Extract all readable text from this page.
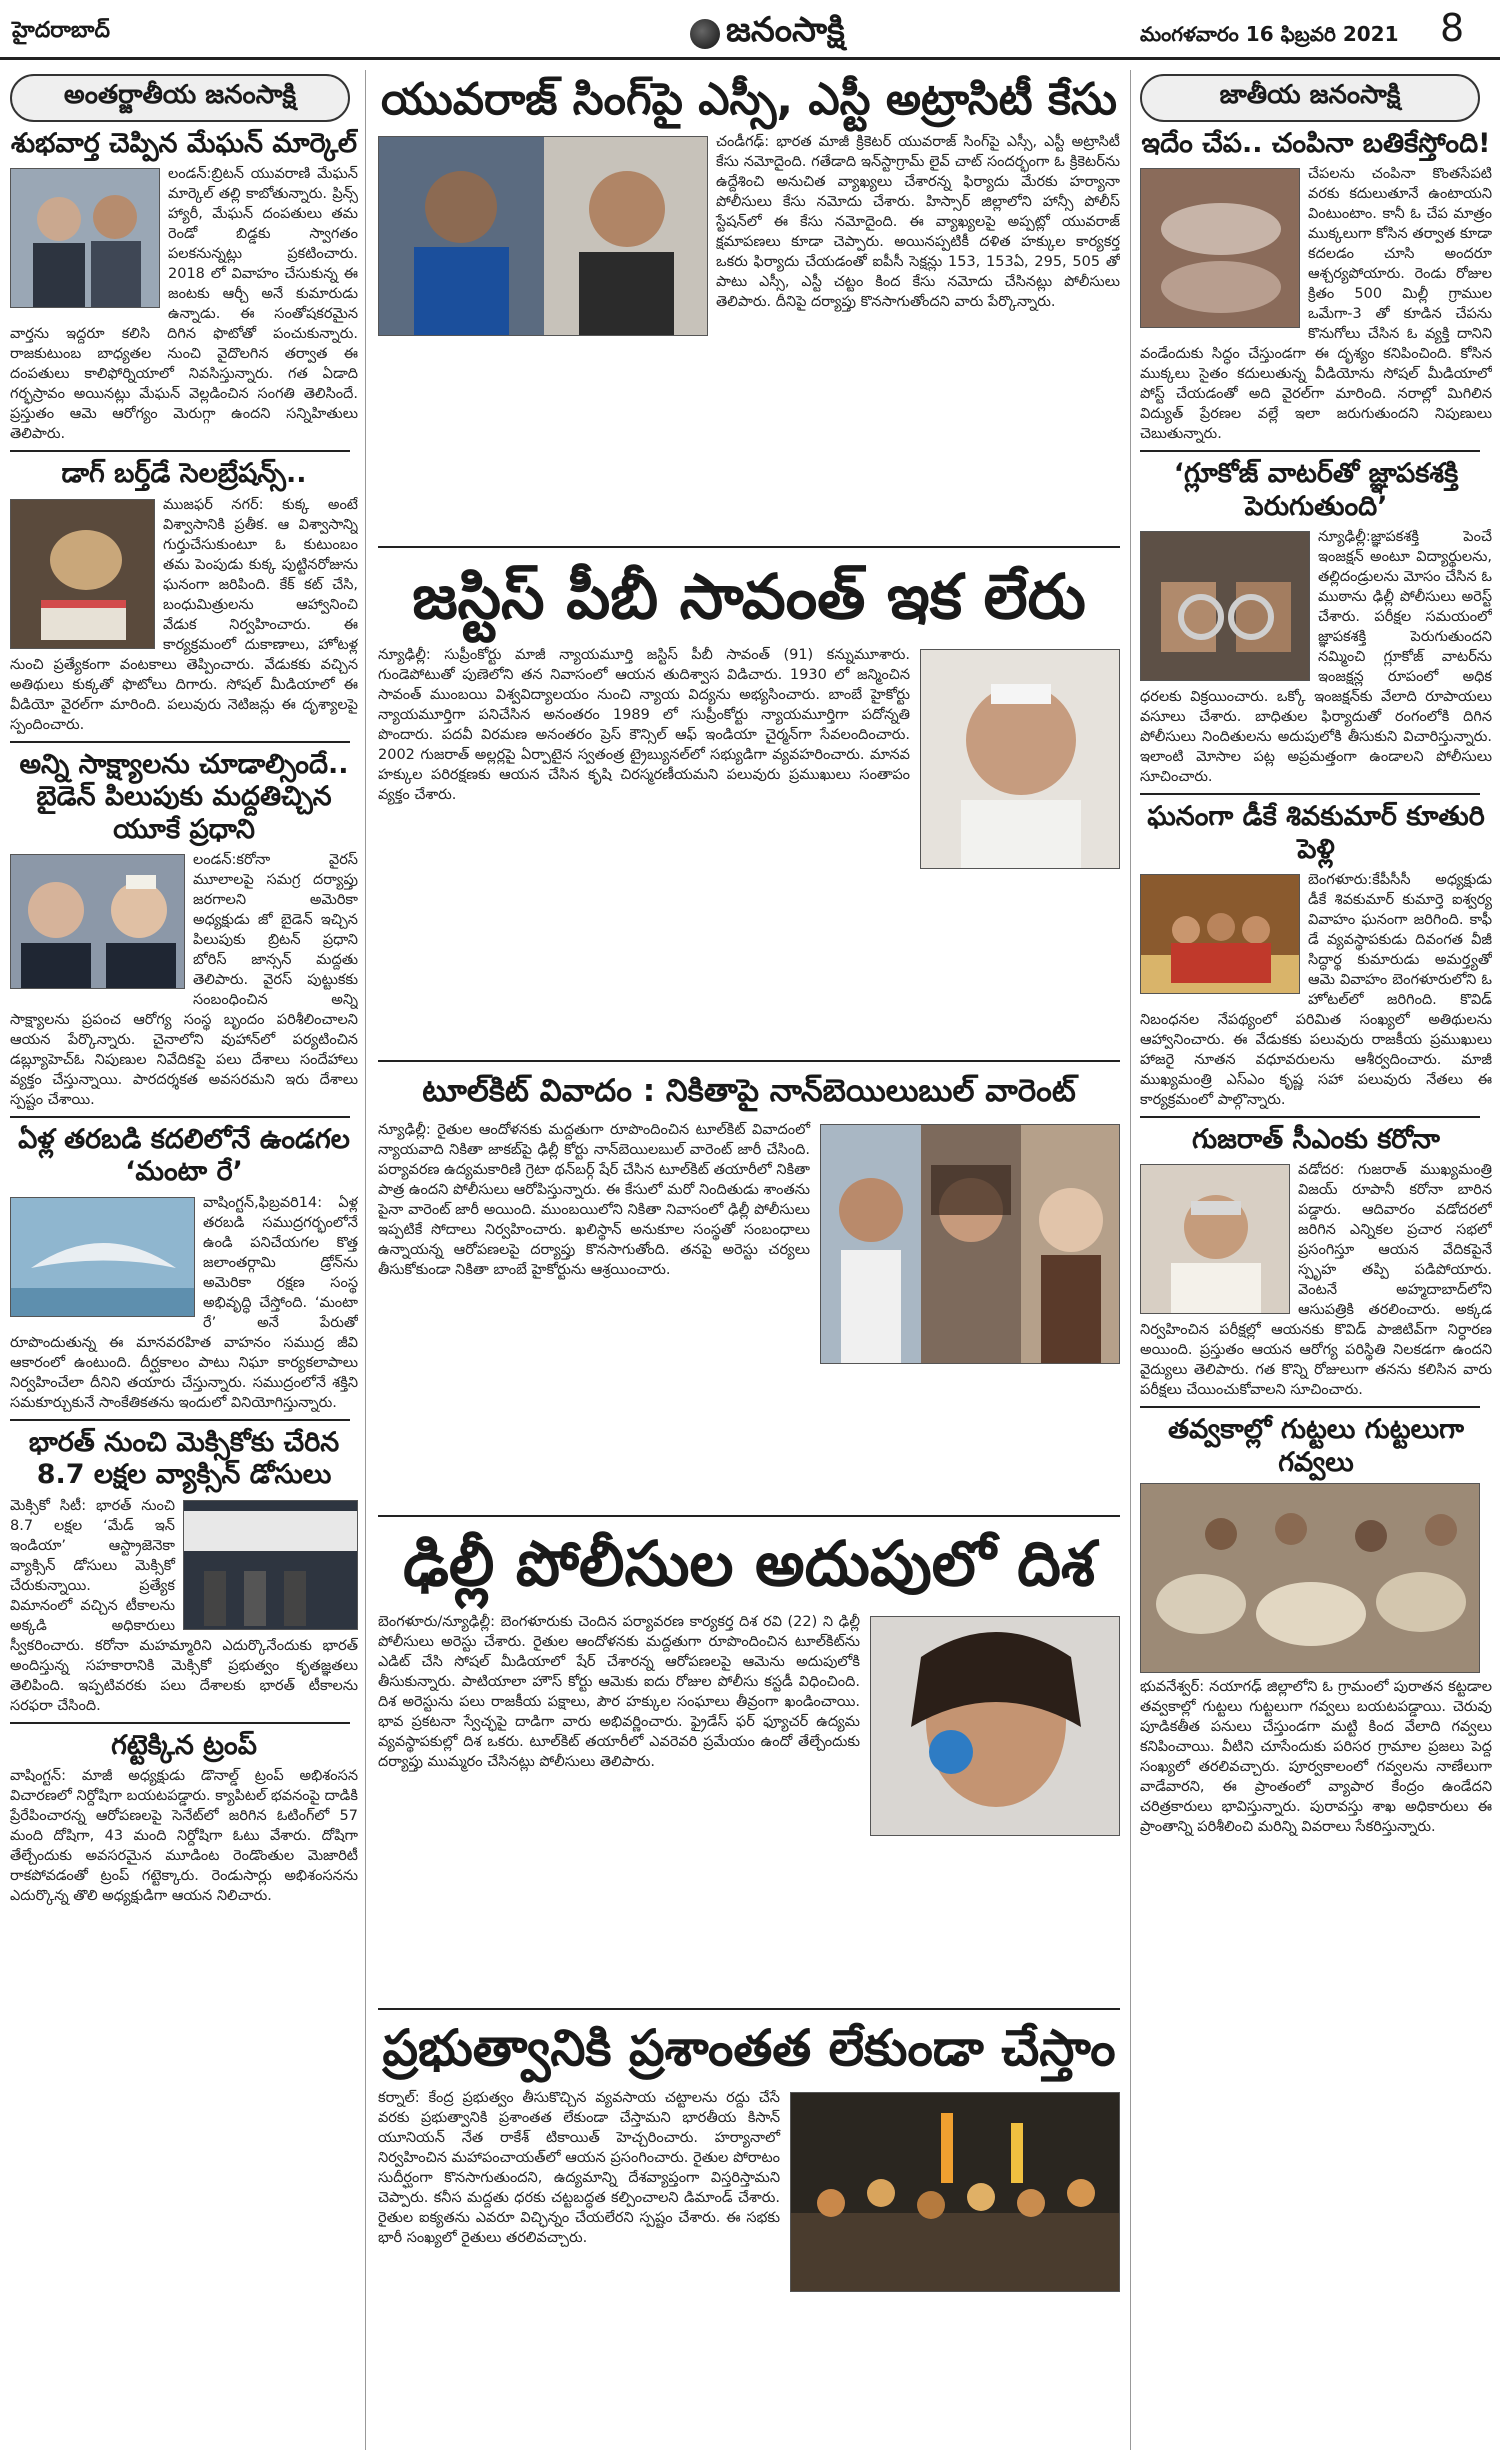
హైదరాబాద్	జనంసాక్షి	మంగళవారం 16 ఫిబ్రవరి 2021 8
అంతర్జాతీయ జనంసాక్షి
శుభవార్త చెప్పిన మేఘన్ మార్కెల్
లండన్‌:బ్రిటన్‌ యువరాణి మేఘన్‌ మార్కెల్‌ తల్లి కాబోతున్నారు. ప్రిన్స్‌ హ్యారీ, మేఘన్‌ దంపతులు తమ రెండో బిడ్డకు స్వాగతం పలకనున్నట్లు ప్రకటించారు. 2018 లో వివాహం చేసుకున్న ఈ జంటకు ఆర్చీ అనే కుమారుడు ఉన్నాడు. ఈ సంతోషకరమైన వార్తను ఇద్దరూ కలిసి దిగిన ఫొటోతో పంచుకున్నారు. రాజకుటుంబ బాధ్యతల నుంచి వైదొలగిన తర్వాత ఈ దంపతులు కాలిఫోర్నియాలో నివసిస్తున్నారు. గత ఏడాది గర్భస్రావం అయినట్లు మేఘన్‌ వెల్లడించిన సంగతి తెలిసిందే. ప్రస్తుతం ఆమె ఆరోగ్యం మెరుగ్గా ఉందని సన్నిహితులు తెలిపారు.
డాగ్‌ బర్త్‌డే సెలబ్రేషన్స్‌..
ముజఫర్‌ నగర్‌: కుక్క అంటే విశ్వాసానికి ప్రతీక. ఆ విశ్వాసాన్ని గుర్తుచేసుకుంటూ ఓ కుటుంబం తమ పెంపుడు కుక్క పుట్టినరోజును ఘనంగా జరిపింది. కేక్‌ కట్‌ చేసి, బంధుమిత్రులను ఆహ్వానించి వేడుక నిర్వహించారు. ఈ కార్యక్రమంలో దుకాణాలు, హోటళ్ల నుంచి ప్రత్యేకంగా వంటకాలు తెప్పించారు. వేడుకకు వచ్చిన అతిథులు కుక్కతో ఫొటోలు దిగారు. సోషల్‌ మీడియాలో ఈ వీడియో వైరల్‌గా మారింది. పలువురు నెటిజన్లు ఈ దృశ్యాలపై స్పందించారు.
అన్ని సాక్ష్యాలను చూడాల్సిందే.. బైడెన్‌ పిలుపుకు మద్దతిచ్చిన యూకే ప్రధాని
లండన్‌:కరోనా వైరస్‌ మూలాలపై సమగ్ర దర్యాప్తు జరగాలని అమెరికా అధ్యక్షుడు జో బైడెన్‌ ఇచ్చిన పిలుపుకు బ్రిటన్‌ ప్రధాని బోరిస్‌ జాన్సన్‌ మద్దతు తెలిపారు. వైరస్‌ పుట్టుకకు సంబంధించిన అన్ని సాక్ష్యాలను ప్రపంచ ఆరోగ్య సంస్థ బృందం పరిశీలించాలని ఆయన పేర్కొన్నారు. చైనాలోని వుహాన్‌లో పర్యటించిన డబ్ల్యూహెచ్‌ఓ నిపుణుల నివేదికపై పలు దేశాలు సందేహాలు వ్యక్తం చేస్తున్నాయి. పారదర్శకత అవసరమని ఇరు దేశాలు స్పష్టం చేశాయి.
ఏళ్ల తరబడి కదలిలోనే ఉండగల ‘మంటా రే’
వాషింగ్టన్‌,ఫిబ్రవరి14: ఏళ్ల తరబడి సముద్రగర్భంలోనే ఉండి పనిచేయగల కొత్త జలాంతర్గామి డ్రోన్‌ను అమెరికా రక్షణ సంస్థ అభివృద్ధి చేస్తోంది. ‘మంటా రే’ అనే పేరుతో రూపొందుతున్న ఈ మానవరహిత వాహనం సముద్ర జీవి ఆకారంలో ఉంటుంది. దీర్ఘకాలం పాటు నిఘా కార్యకలాపాలు నిర్వహించేలా దీనిని తయారు చేస్తున్నారు. సముద్రంలోనే శక్తిని సమకూర్చుకునే సాంకేతికతను ఇందులో వినియోగిస్తున్నారు.
భారత్‌ నుంచి మెక్సికోకు చేరిన 8.7 లక్షల వ్యాక్సిన్‌ డోసులు
మెక్సికో సిటీ: భారత్‌ నుంచి 8.7 లక్షల ‘మేడ్‌ ఇన్‌ ఇండియా’ ఆస్ట్రాజెనెకా వ్యాక్సిన్‌ డోసులు మెక్సికో చేరుకున్నాయి. ప్రత్యేక విమానంలో వచ్చిన టీకాలను అక్కడి అధికారులు స్వీకరించారు. కరోనా మహమ్మారిని ఎదుర్కొనేందుకు భారత్‌ అందిస్తున్న సహకారానికి మెక్సికో ప్రభుత్వం కృతజ్ఞతలు తెలిపింది. ఇప్పటివరకు పలు దేశాలకు భారత్‌ టీకాలను సరఫరా చేసింది.
గట్టెక్కిన ట్రంప్‌
వాషింగ్టన్‌: మాజీ అధ్యక్షుడు డొనాల్డ్‌ ట్రంప్‌ అభిశంసన విచారణలో నిర్దోషిగా బయటపడ్డారు. క్యాపిటల్‌ భవనంపై దాడికి ప్రేరేపించారన్న ఆరోపణలపై సెనేట్‌లో జరిగిన ఓటింగ్‌లో 57 మంది దోషిగా, 43 మంది నిర్దోషిగా ఓటు వేశారు. దోషిగా తేల్చేందుకు అవసరమైన మూడింట రెండొంతుల మెజారిటీ రాకపోవడంతో ట్రంప్‌ గట్టెక్కారు. రెండుసార్లు అభిశంసనను ఎదుర్కొన్న తొలి అధ్యక్షుడిగా ఆయన నిలిచారు.
యువరాజ్‌ సింగ్‌పై ఎస్సీ, ఎస్టీ అట్రాసిటీ కేసు
చండీగఢ్‌: భారత మాజీ క్రికెటర్‌ యువరాజ్‌ సింగ్‌పై ఎస్సీ, ఎస్టీ అట్రాసిటీ కేసు నమోదైంది. గతేడాది ఇన్‌స్టాగ్రామ్‌ లైవ్‌ చాట్‌ సందర్భంగా ఓ క్రికెటర్‌ను ఉద్దేశించి అనుచిత వ్యాఖ్యలు చేశారన్న ఫిర్యాదు మేరకు హర్యానా పోలీసులు కేసు నమోదు చేశారు. హిస్సార్‌ జిల్లాలోని హాన్సీ పోలీస్‌ స్టేషన్‌లో ఈ కేసు నమోదైంది. ఈ వ్యాఖ్యలపై అప్పట్లో యువరాజ్‌ క్షమాపణలు కూడా చెప్పారు. అయినప్పటికీ దళిత హక్కుల కార్యకర్త ఒకరు ఫిర్యాదు చేయడంతో ఐపీసీ సెక్షన్లు 153, 153ఏ, 295, 505 తో పాటు ఎస్సీ, ఎస్టీ చట్టం కింద కేసు నమోదు చేసినట్లు పోలీసులు తెలిపారు. దీనిపై దర్యాప్తు కొనసాగుతోందని వారు పేర్కొన్నారు.
జస్టిస్‌ పీబీ సావంత్‌ ఇక లేరు
న్యూఢిల్లీ: సుప్రీంకోర్టు మాజీ న్యాయమూర్తి జస్టిస్‌ పీబీ సావంత్‌ (91) కన్నుమూశారు. గుండెపోటుతో పుణెలోని తన నివాసంలో ఆయన తుదిశ్వాస విడిచారు. 1930 లో జన్మించిన సావంత్‌ ముంబయి విశ్వవిద్యాలయం నుంచి న్యాయ విద్యను అభ్యసించారు. బాంబే హైకోర్టు న్యాయమూర్తిగా పనిచేసిన అనంతరం 1989 లో సుప్రీంకోర్టు న్యాయమూర్తిగా పదోన్నతి పొందారు. పదవీ విరమణ అనంతరం ప్రెస్‌ కౌన్సిల్‌ ఆఫ్‌ ఇండియా చైర్మన్‌గా సేవలందించారు. 2002 గుజరాత్‌ అల్లర్లపై ఏర్పాటైన స్వతంత్ర ట్రైబ్యునల్‌లో సభ్యుడిగా వ్యవహరించారు. మానవ హక్కుల పరిరక్షణకు ఆయన చేసిన కృషి చిరస్మరణీయమని పలువురు ప్రముఖులు సంతాపం వ్యక్తం చేశారు.
టూల్‌కిట్‌ వివాదం : నికితాపై నాన్‌బెయిలుబుల్‌ వారెంట్‌
న్యూఢిల్లీ: రైతుల ఆందోళనకు మద్దతుగా రూపొందించిన టూల్‌కిట్‌ వివాదంలో న్యాయవాది నికితా జాకబ్‌పై ఢిల్లీ కోర్టు నాన్‌బెయిలబుల్‌ వారెంట్‌ జారీ చేసింది. పర్యావరణ ఉద్యమకారిణి గ్రెటా థన్‌బర్గ్‌ షేర్‌ చేసిన టూల్‌కిట్‌ తయారీలో నికితా పాత్ర ఉందని పోలీసులు ఆరోపిస్తున్నారు. ఈ కేసులో మరో నిందితుడు శాంతను పైనా వారెంట్‌ జారీ అయింది. ముంబయిలోని నికితా నివాసంలో ఢిల్లీ పోలీసులు ఇప్పటికే సోదాలు నిర్వహించారు. ఖలిస్థాన్‌ అనుకూల సంస్థతో సంబంధాలు ఉన్నాయన్న ఆరోపణలపై దర్యాప్తు కొనసాగుతోంది. తనపై అరెస్టు చర్యలు తీసుకోకుండా నికితా బాంబే హైకోర్టును ఆశ్రయించారు.
ఢిల్లీ పోలీసుల అదుపులో దిశ
బెంగళూరు/న్యూఢిల్లీ: బెంగళూరుకు చెందిన పర్యావరణ కార్యకర్త దిశ రవి (22) ని ఢిల్లీ పోలీసులు అరెస్టు చేశారు. రైతుల ఆందోళనకు మద్దతుగా రూపొందించిన టూల్‌కిట్‌ను ఎడిట్‌ చేసి సోషల్‌ మీడియాలో షేర్‌ చేశారన్న ఆరోపణలపై ఆమెను అదుపులోకి తీసుకున్నారు. పాటియాలా హౌస్‌ కోర్టు ఆమెకు ఐదు రోజుల పోలీసు కస్టడీ విధించింది. దిశ అరెస్టును పలు రాజకీయ పక్షాలు, పౌర హక్కుల సంఘాలు తీవ్రంగా ఖండించాయి. భావ ప్రకటనా స్వేచ్ఛపై దాడిగా వారు అభివర్ణించారు. ఫ్రైడేస్‌ ఫర్‌ ఫ్యూచర్‌ ఉద్యమ వ్యవస్థాపకుల్లో దిశ ఒకరు. టూల్‌కిట్‌ తయారీలో ఎవరెవరి ప్రమేయం ఉందో తేల్చేందుకు దర్యాప్తు ముమ్మరం చేసినట్లు పోలీసులు తెలిపారు.
ప్రభుత్వానికి ప్రశాంతత లేకుండా చేస్తాం
కర్నాల్‌: కేంద్ర ప్రభుత్వం తీసుకొచ్చిన వ్యవసాయ చట్టాలను రద్దు చేసే వరకు ప్రభుత్వానికి ప్రశాంతత లేకుండా చేస్తామని భారతీయ కిసాన్‌ యూనియన్‌ నేత రాకేశ్‌ టికాయిత్‌ హెచ్చరించారు. హర్యానాలో నిర్వహించిన మహాపంచాయత్‌లో ఆయన ప్రసంగించారు. రైతుల పోరాటం సుదీర్ఘంగా కొనసాగుతుందని, ఉద్యమాన్ని దేశవ్యాప్తంగా విస్తరిస్తామని చెప్పారు. కనీస మద్దతు ధరకు చట్టబద్ధత కల్పించాలని డిమాండ్‌ చేశారు. రైతుల ఐక్యతను ఎవరూ విచ్ఛిన్నం చేయలేరని స్పష్టం చేశారు. ఈ సభకు భారీ సంఖ్యలో రైతులు తరలివచ్చారు.
జాతీయ జనంసాక్షి
ఇదేం చేప.. చంపినా బతికేస్తోంది!
చేపలను చంపినా కొంతసేపటి వరకు కదులుతూనే ఉంటాయని వింటుంటాం. కానీ ఓ చేప మాత్రం ముక్కలుగా కోసిన తర్వాత కూడా కదలడం చూసి అందరూ ఆశ్చర్యపోయారు. రెండు రోజుల క్రితం 500 మిల్లీ గ్రాముల ఒమేగా-3 తో కూడిన చేపను కొనుగోలు చేసిన ఓ వ్యక్తి దానిని వండేందుకు సిద్ధం చేస్తుండగా ఈ దృశ్యం కనిపించింది. కోసిన ముక్కలు సైతం కదులుతున్న వీడియోను సోషల్‌ మీడియాలో పోస్ట్‌ చేయడంతో అది వైరల్‌గా మారింది. నరాల్లో మిగిలిన విద్యుత్‌ ప్రేరణల వల్లే ఇలా జరుగుతుందని నిపుణులు చెబుతున్నారు.
‘గ్లూకోజ్‌ వాటర్‌తో జ్ఞాపకశక్తి పెరుగుతుంది’
న్యూఢిల్లీ:జ్ఞాపకశక్తి పెంచే ఇంజక్షన్‌ అంటూ విద్యార్థులను, తల్లిదండ్రులను మోసం చేసిన ఓ ముఠాను ఢిల్లీ పోలీసులు అరెస్ట్‌ చేశారు. పరీక్షల సమయంలో జ్ఞాపకశక్తి పెరుగుతుందని నమ్మించి గ్లూకోజ్‌ వాటర్‌ను ఇంజక్షన్ల రూపంలో అధిక ధరలకు విక్రయించారు. ఒక్కో ఇంజక్షన్‌కు వేలాది రూపాయలు వసూలు చేశారు. బాధితుల ఫిర్యాదుతో రంగంలోకి దిగిన పోలీసులు నిందితులను అదుపులోకి తీసుకుని విచారిస్తున్నారు. ఇలాంటి మోసాల పట్ల అప్రమత్తంగా ఉండాలని పోలీసులు సూచించారు.
ఘనంగా డీకే శివకుమార్‌ కూతురి పెళ్లి
బెంగళూరు:కేపీసీసీ అధ్యక్షుడు డీకే శివకుమార్‌ కుమార్తె ఐశ్వర్య వివాహం ఘనంగా జరిగింది. కాఫీ డే వ్యవస్థాపకుడు దివంగత వీజీ సిద్ధార్థ కుమారుడు అమర్త్యతో ఆమె వివాహం బెంగళూరులోని ఓ హోటల్‌లో జరిగింది. కొవిడ్‌ నిబంధనల నేపథ్యంలో పరిమిత సంఖ్యలో అతిథులను ఆహ్వానించారు. ఈ వేడుకకు పలువురు రాజకీయ ప్రముఖులు హాజరై నూతన వధూవరులను ఆశీర్వదించారు. మాజీ ముఖ్యమంత్రి ఎస్‌ఎం కృష్ణ సహా పలువురు నేతలు ఈ కార్యక్రమంలో పాల్గొన్నారు.
గుజరాత్‌ సీఎంకు కరోనా
వడోదర: గుజరాత్‌ ముఖ్యమంత్రి విజయ్‌ రూపానీ కరోనా బారిన పడ్డారు. ఆదివారం వడోదరలో జరిగిన ఎన్నికల ప్రచార సభలో ప్రసంగిస్తూ ఆయన వేదికపైనే స్పృహ తప్పి పడిపోయారు. వెంటనే అహ్మదాబాద్‌లోని ఆసుపత్రికి తరలించారు. అక్కడ నిర్వహించిన పరీక్షల్లో ఆయనకు కొవిడ్‌ పాజిటివ్‌గా నిర్ధారణ అయింది. ప్రస్తుతం ఆయన ఆరోగ్య పరిస్థితి నిలకడగా ఉందని వైద్యులు తెలిపారు. గత కొన్ని రోజులుగా తనను కలిసిన వారు పరీక్షలు చేయించుకోవాలని సూచించారు.
తవ్వకాల్లో గుట్టలు గుట్టలుగా గవ్వలు
భువనేశ్వర్‌: నయాగఢ్‌ జిల్లాలోని ఓ గ్రామంలో పురాతన కట్టడాల తవ్వకాల్లో గుట్టలు గుట్టలుగా గవ్వలు బయటపడ్డాయి. చెరువు పూడికతీత పనులు చేస్తుండగా మట్టి కింద వేలాది గవ్వలు కనిపించాయి. వీటిని చూసేందుకు పరిసర గ్రామాల ప్రజలు పెద్ద సంఖ్యలో తరలివచ్చారు. పూర్వకాలంలో గవ్వలను నాణేలుగా వాడేవారని, ఈ ప్రాంతంలో వ్యాపార కేంద్రం ఉండేదని చరిత్రకారులు భావిస్తున్నారు. పురావస్తు శాఖ అధికారులు ఈ ప్రాంతాన్ని పరిశీలించి మరిన్ని వివరాలు సేకరిస్తున్నారు.
